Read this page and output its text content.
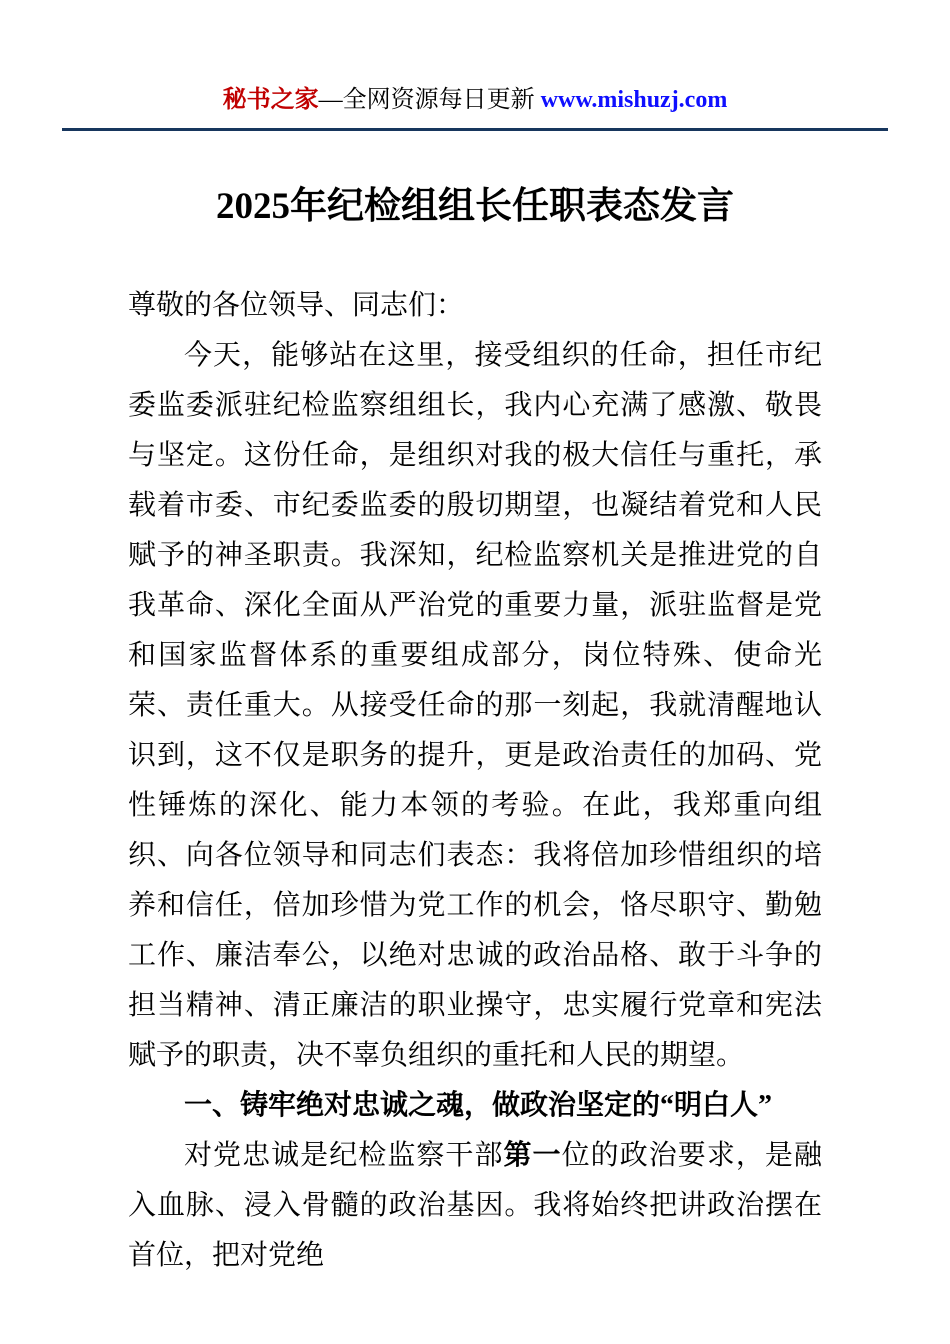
秘书之家—全网资源每日更新 www.mishuzj.com
2025年纪检组组长任职表态发言

尊敬的各位领导、同志们：

今天，能够站在这里，接受组织的任命，担任市纪委监委派驻纪检监察组组长，我内心充满了感激、敬畏与坚定。这份任命，是组织对我的极大信任与重托，承载着市委、市纪委监委的殷切期望，也凝结着党和人民赋予的神圣职责。我深知，纪检监察机关是推进党的自我革命、深化全面从严治党的重要力量，派驻监督是党和国家监督体系的重要组成部分，岗位特殊、使命光荣、责任重大。从接受任命的那一刻起，我就清醒地认识到，这不仅是职务的提升，更是政治责任的加码、党性锤炼的深化、能力本领的考验。在此，我郑重向组织、向各位领导和同志们表态：我将倍加珍惜组织的培养和信任，倍加珍惜为党工作的机会，恪尽职守、勤勉工作、廉洁奉公，以绝对忠诚的政治品格、敢于斗争的担当精神、清正廉洁的职业操守，忠实履行党章和宪法赋予的职责，决不辜负组织的重托和人民的期望。

一、铸牢绝对忠诚之魂，做政治坚定的“明白人”

对党忠诚是纪检监察干部第一位的政治要求，是融入血脉、浸入骨髓的政治基因。我将始终把讲政治摆在首位，把对党绝
